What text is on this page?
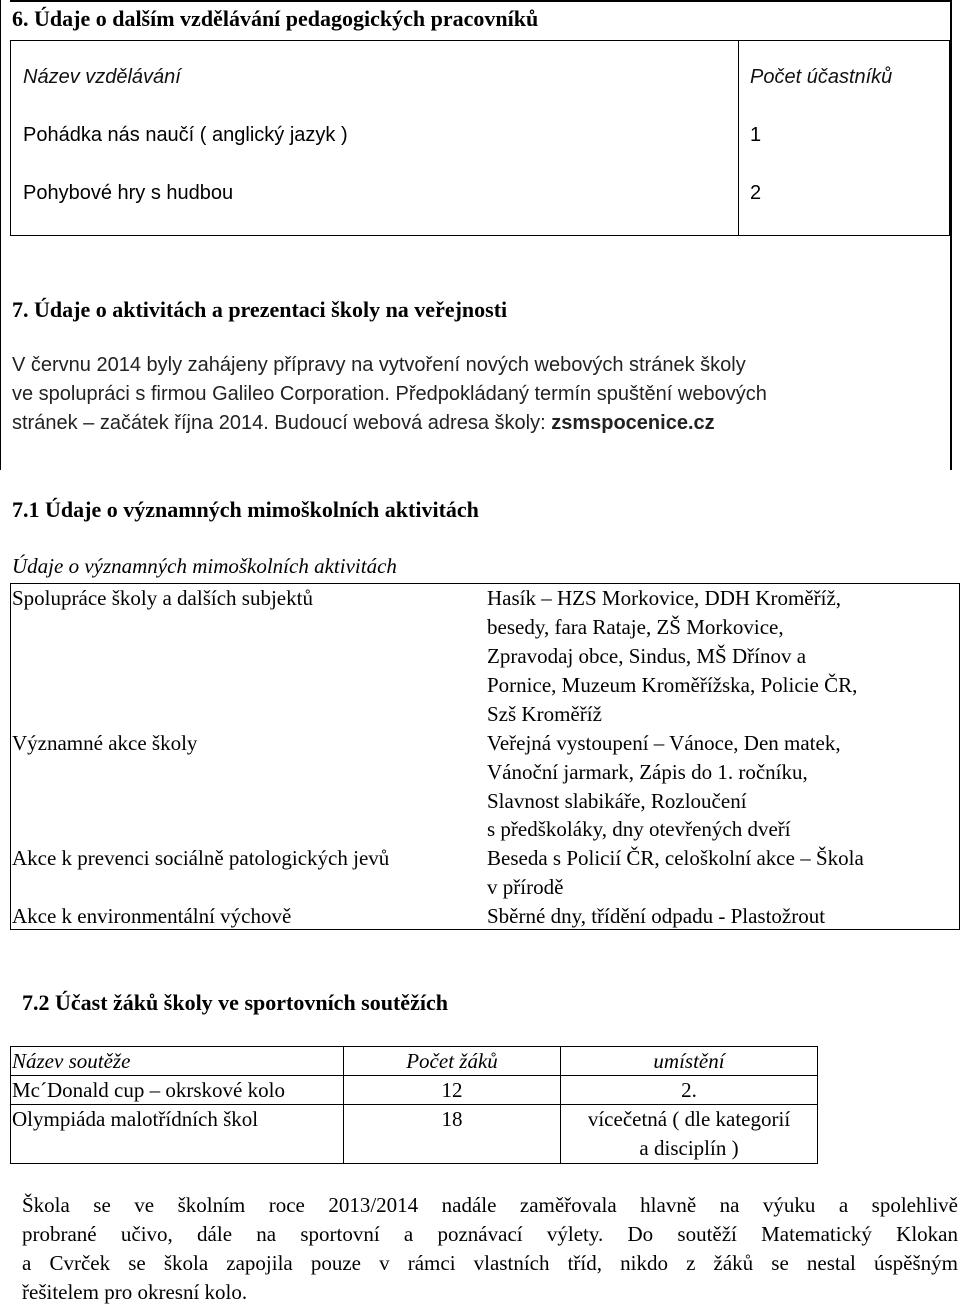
6. Údaje o dalším vzdělávání pedagogických pracovníků
Název vzdělávání	Počet účastníků
Pohádka nás naučí ( anglický jazyk )	1
Pohybové hry s hudbou	2
7. Údaje o aktivitách a prezentaci školy na veřejnosti
V červnu 2014 byly zahájeny přípravy na vytvoření nových webových stránek školy
ve spolupráci s firmou Galileo Corporation. Předpokládaný termín spuštění webových
stránek – začátek října 2014. Budoucí webová adresa školy: zsmspocenice.cz
7.1 Údaje o významných mimoškolních aktivitách
Údaje o významných mimoškolních aktivitách
Spolupráce školy a dalších subjektů	Hasík – HZS Morkovice, DDH Kroměříž,
besedy, fara Rataje, ZŠ Morkovice,
Zpravodaj obce, Sindus, MŠ Dřínov a
Pornice, Muzeum Kroměřížska, Policie ČR,
Szš Kroměříž
Významné akce školy	Veřejná vystoupení – Vánoce, Den matek,
Vánoční jarmark, Zápis do 1. ročníku,
Slavnost slabikáře, Rozloučení
s předškoláky, dny otevřených dveří
Akce k prevenci sociálně patologických jevů	Beseda s Policií ČR, celoškolní akce – Škola
v přírodě
Akce k environmentální výchově	Sběrné dny, třídění odpadu - Plastožrout
7.2 Účast žáků školy ve sportovních soutěžích
Název soutěže	Počet žáků	umístění
Mc´Donald cup – okrskové kolo	12	2.
Olympiáda malotřídních škol	18	vícečetná ( dle kategorií
a disciplín )
Škola se ve školním roce 2013/2014 nadále zaměřovala hlavně na výuku a spolehlivě
probrané učivo, dále na sportovní a poznávací výlety. Do soutěží Matematický Klokan
a Cvrček se škola zapojila pouze v rámci vlastních tříd, nikdo z žáků se nestal úspěšným
řešitelem pro okresní kolo.
